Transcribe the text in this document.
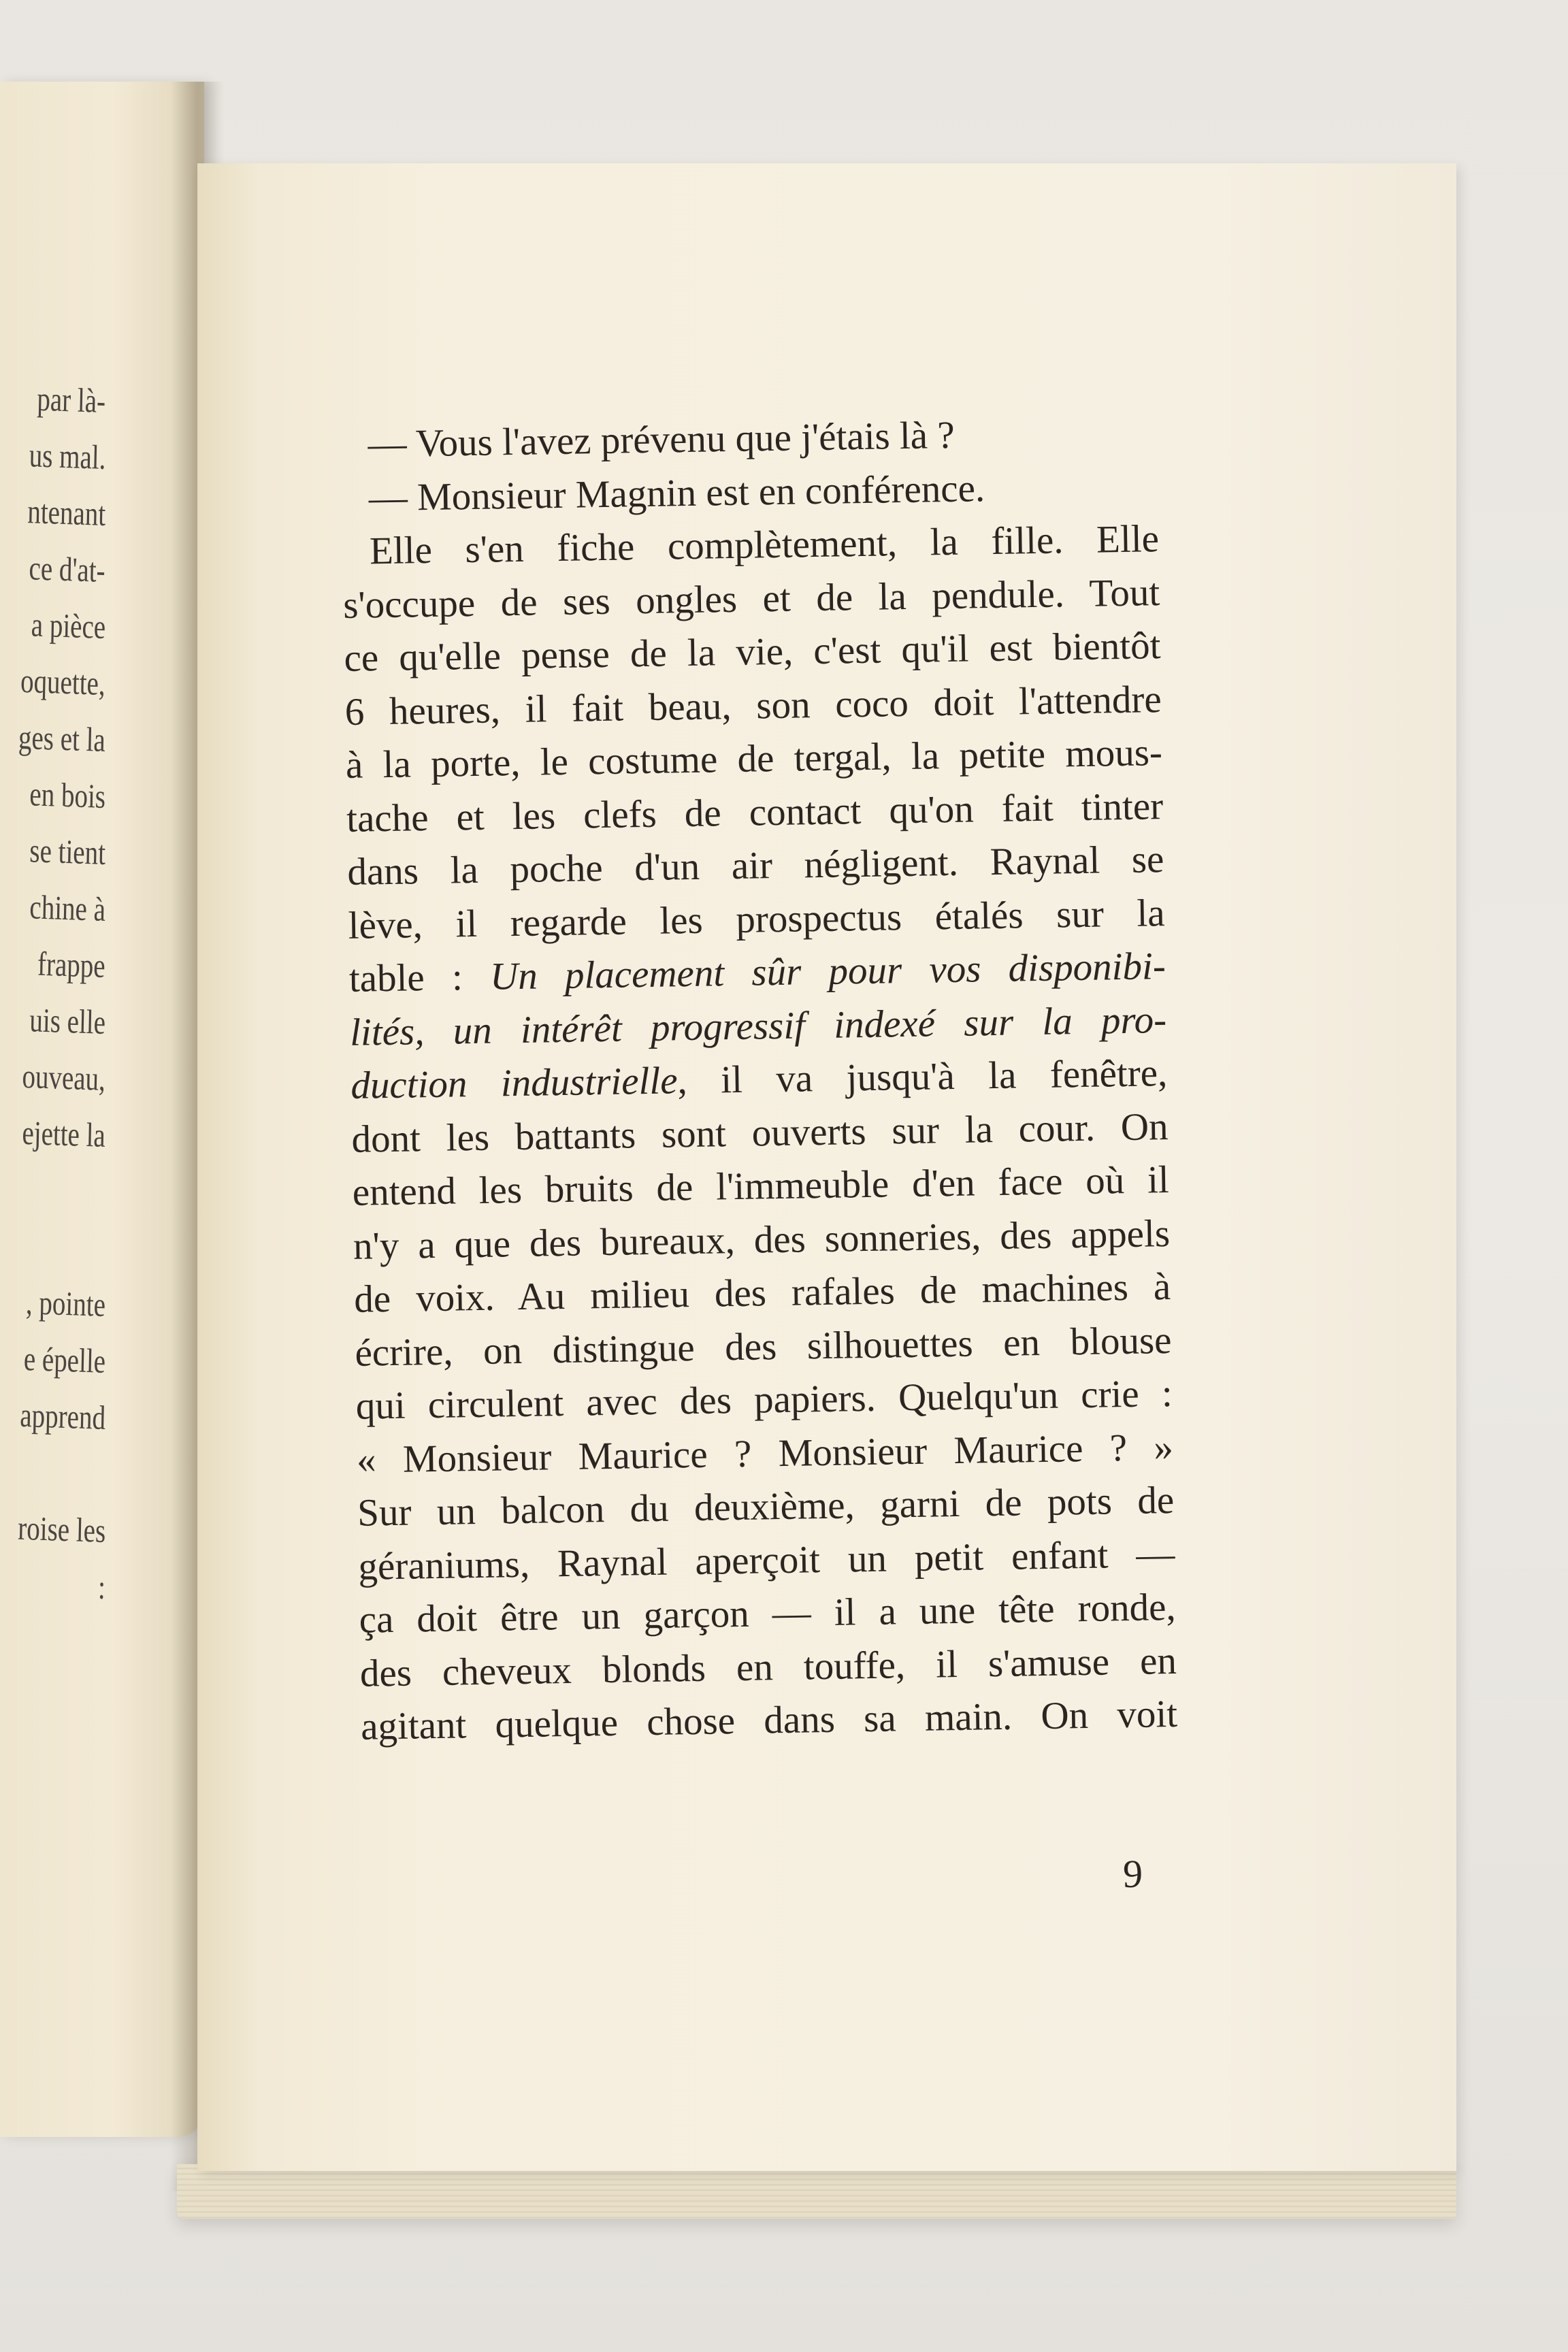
par là-
us mal.
ntenant
ce d'at-
a pièce
oquette,
ges et la
en bois
se tient
chine à
frappe
uis elle
ouveau,
ejette la
, pointe
e épelle
apprend
roise les
:
— Vous l'avez prévenu que j'étais là ?
— Monsieur Magnin est en conférence.
Elle s'en fiche complètement, la fille. Elle
s'occupe de ses ongles et de la pendule. Tout
ce qu'elle pense de la vie, c'est qu'il est bientôt
6 heures, il fait beau, son coco doit l'attendre
à la porte, le costume de tergal, la petite mous-
tache et les clefs de contact qu'on fait tinter
dans la poche d'un air négligent. Raynal se
lève, il regarde les prospectus étalés sur la
table : Un placement sûr pour vos disponibi-
lités, un intérêt progressif indexé sur la pro-
duction industrielle, il va jusqu'à la fenêtre,
dont les battants sont ouverts sur la cour. On
entend les bruits de l'immeuble d'en face où il
n'y a que des bureaux, des sonneries, des appels
de voix. Au milieu des rafales de machines à
écrire, on distingue des silhouettes en blouse
qui circulent avec des papiers. Quelqu'un crie :
« Monsieur Maurice ? Monsieur Maurice ? »
Sur un balcon du deuxième, garni de pots de
géraniums, Raynal aperçoit un petit enfant —
ça doit être un garçon — il a une tête ronde,
des cheveux blonds en touffe, il s'amuse en
agitant quelque chose dans sa main. On voit
9
